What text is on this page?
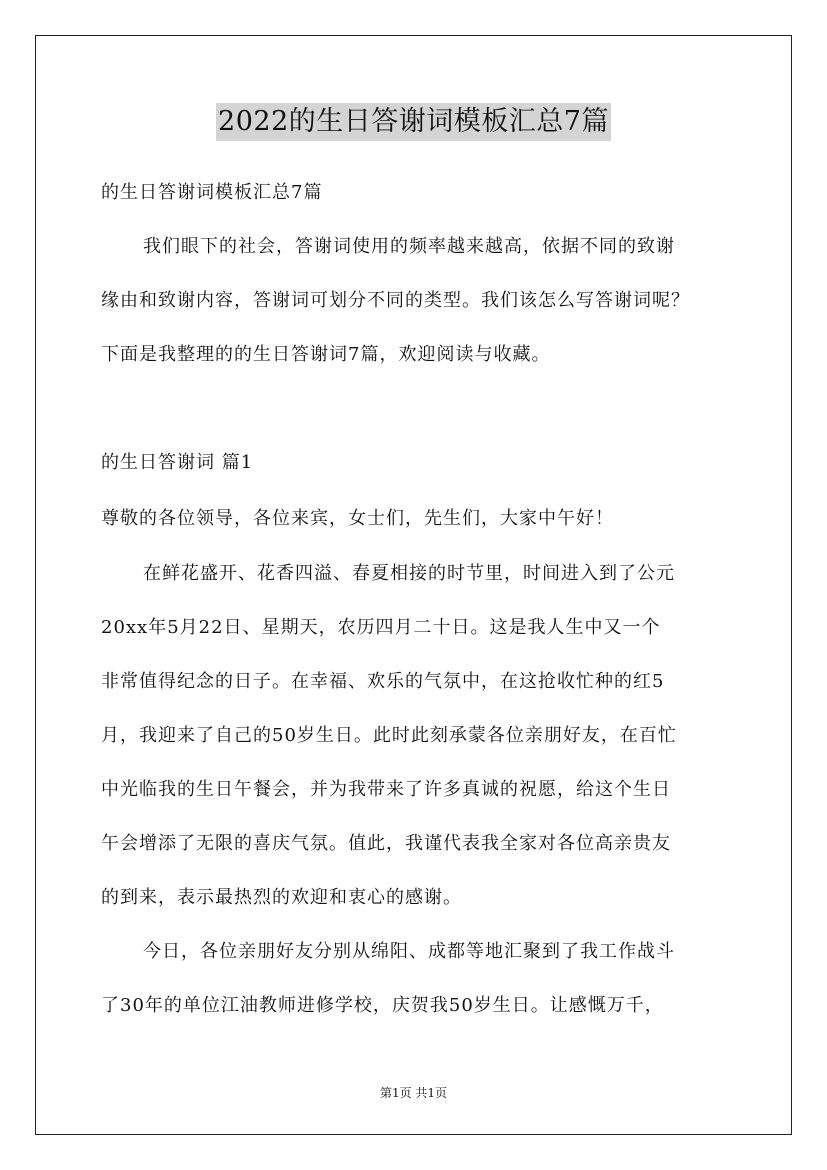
2022的生日答谢词模板汇总7篇
的生日答谢词模板汇总7篇
我们眼下的社会，答谢词使用的频率越来越高，依据不同的致谢
缘由和致谢内容，答谢词可划分不同的类型。我们该怎么写答谢词呢？
下面是我整理的的生日答谢词7篇，欢迎阅读与收藏。
的生日答谢词 篇1
尊敬的各位领导，各位来宾，女士们，先生们，大家中午好！
在鲜花盛开、花香四溢、春夏相接的时节里，时间进入到了公元
20xx年5月22日、星期天，农历四月二十日。这是我人生中又一个
非常值得纪念的日子。在幸福、欢乐的气氛中，在这抢收忙种的红5
月，我迎来了自己的50岁生日。此时此刻承蒙各位亲朋好友，在百忙
中光临我的生日午餐会，并为我带来了许多真诚的祝愿，给这个生日
午会增添了无限的喜庆气氛。值此，我谨代表我全家对各位高亲贵友
的到来，表示最热烈的欢迎和衷心的感谢。
今日，各位亲朋好友分别从绵阳、成都等地汇聚到了我工作战斗
了30年的单位江油教师进修学校，庆贺我50岁生日。让感慨万千，
第1页 共1页
